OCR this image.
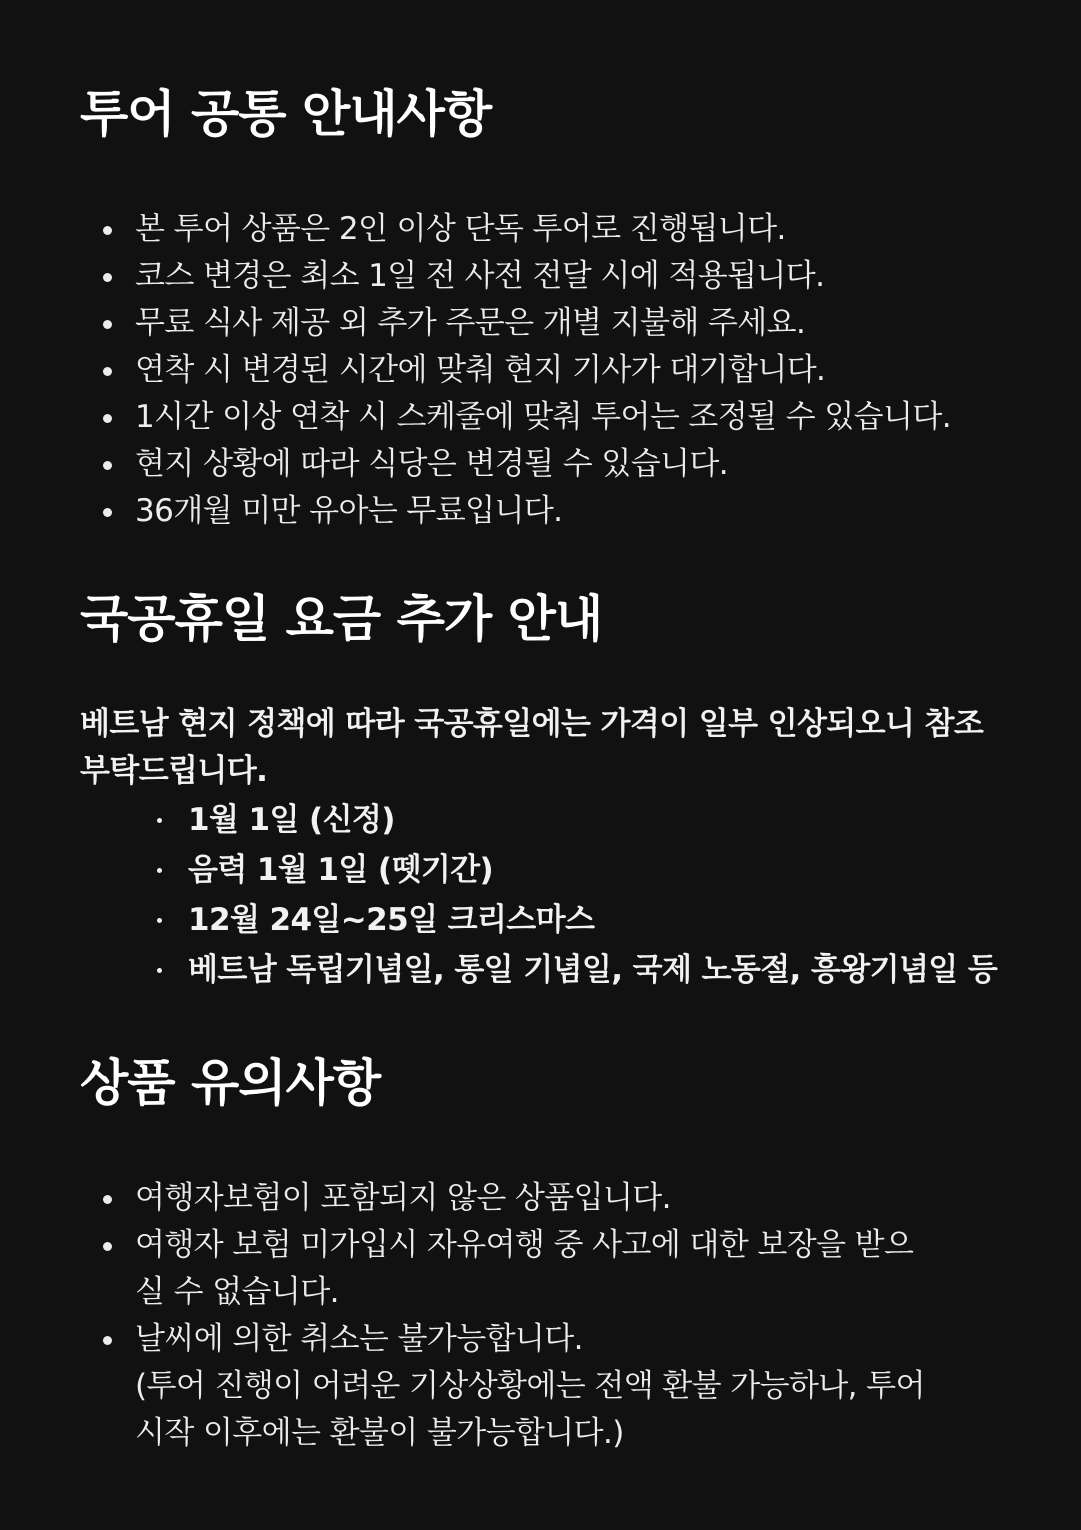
투어 공통 안내사항
본 투어 상품은 2인 이상 단독 투어로 진행됩니다.
코스 변경은 최소 1일 전 사전 전달 시에 적용됩니다.
무료 식사 제공 외 추가 주문은 개별 지불해 주세요.
연착 시 변경된 시간에 맞춰 현지 기사가 대기합니다.
1시간 이상 연착 시 스케줄에 맞춰 투어는 조정될 수 있습니다.
현지 상황에 따라 식당은 변경될 수 있습니다.
36개월 미만 유아는 무료입니다.
국공휴일 요금 추가 안내
베트남 현지 정책에 따라 국공휴일에는 가격이 일부 인상되오니 참조
부탁드립니다.
1월 1일 (신정)
음력 1월 1일 (뗏기간)
12월 24일~25일 크리스마스
베트남 독립기념일, 통일 기념일, 국제 노동절, 흥왕기념일 등
상품 유의사항
여행자보험이 포함되지 않은 상품입니다.
여행자 보험 미가입시 자유여행 중 사고에 대한 보장을 받으
실 수 없습니다.
날씨에 의한 취소는 불가능합니다.
(투어 진행이 어려운 기상상황에는 전액 환불 가능하나, 투어
시작 이후에는 환불이 불가능합니다.)
